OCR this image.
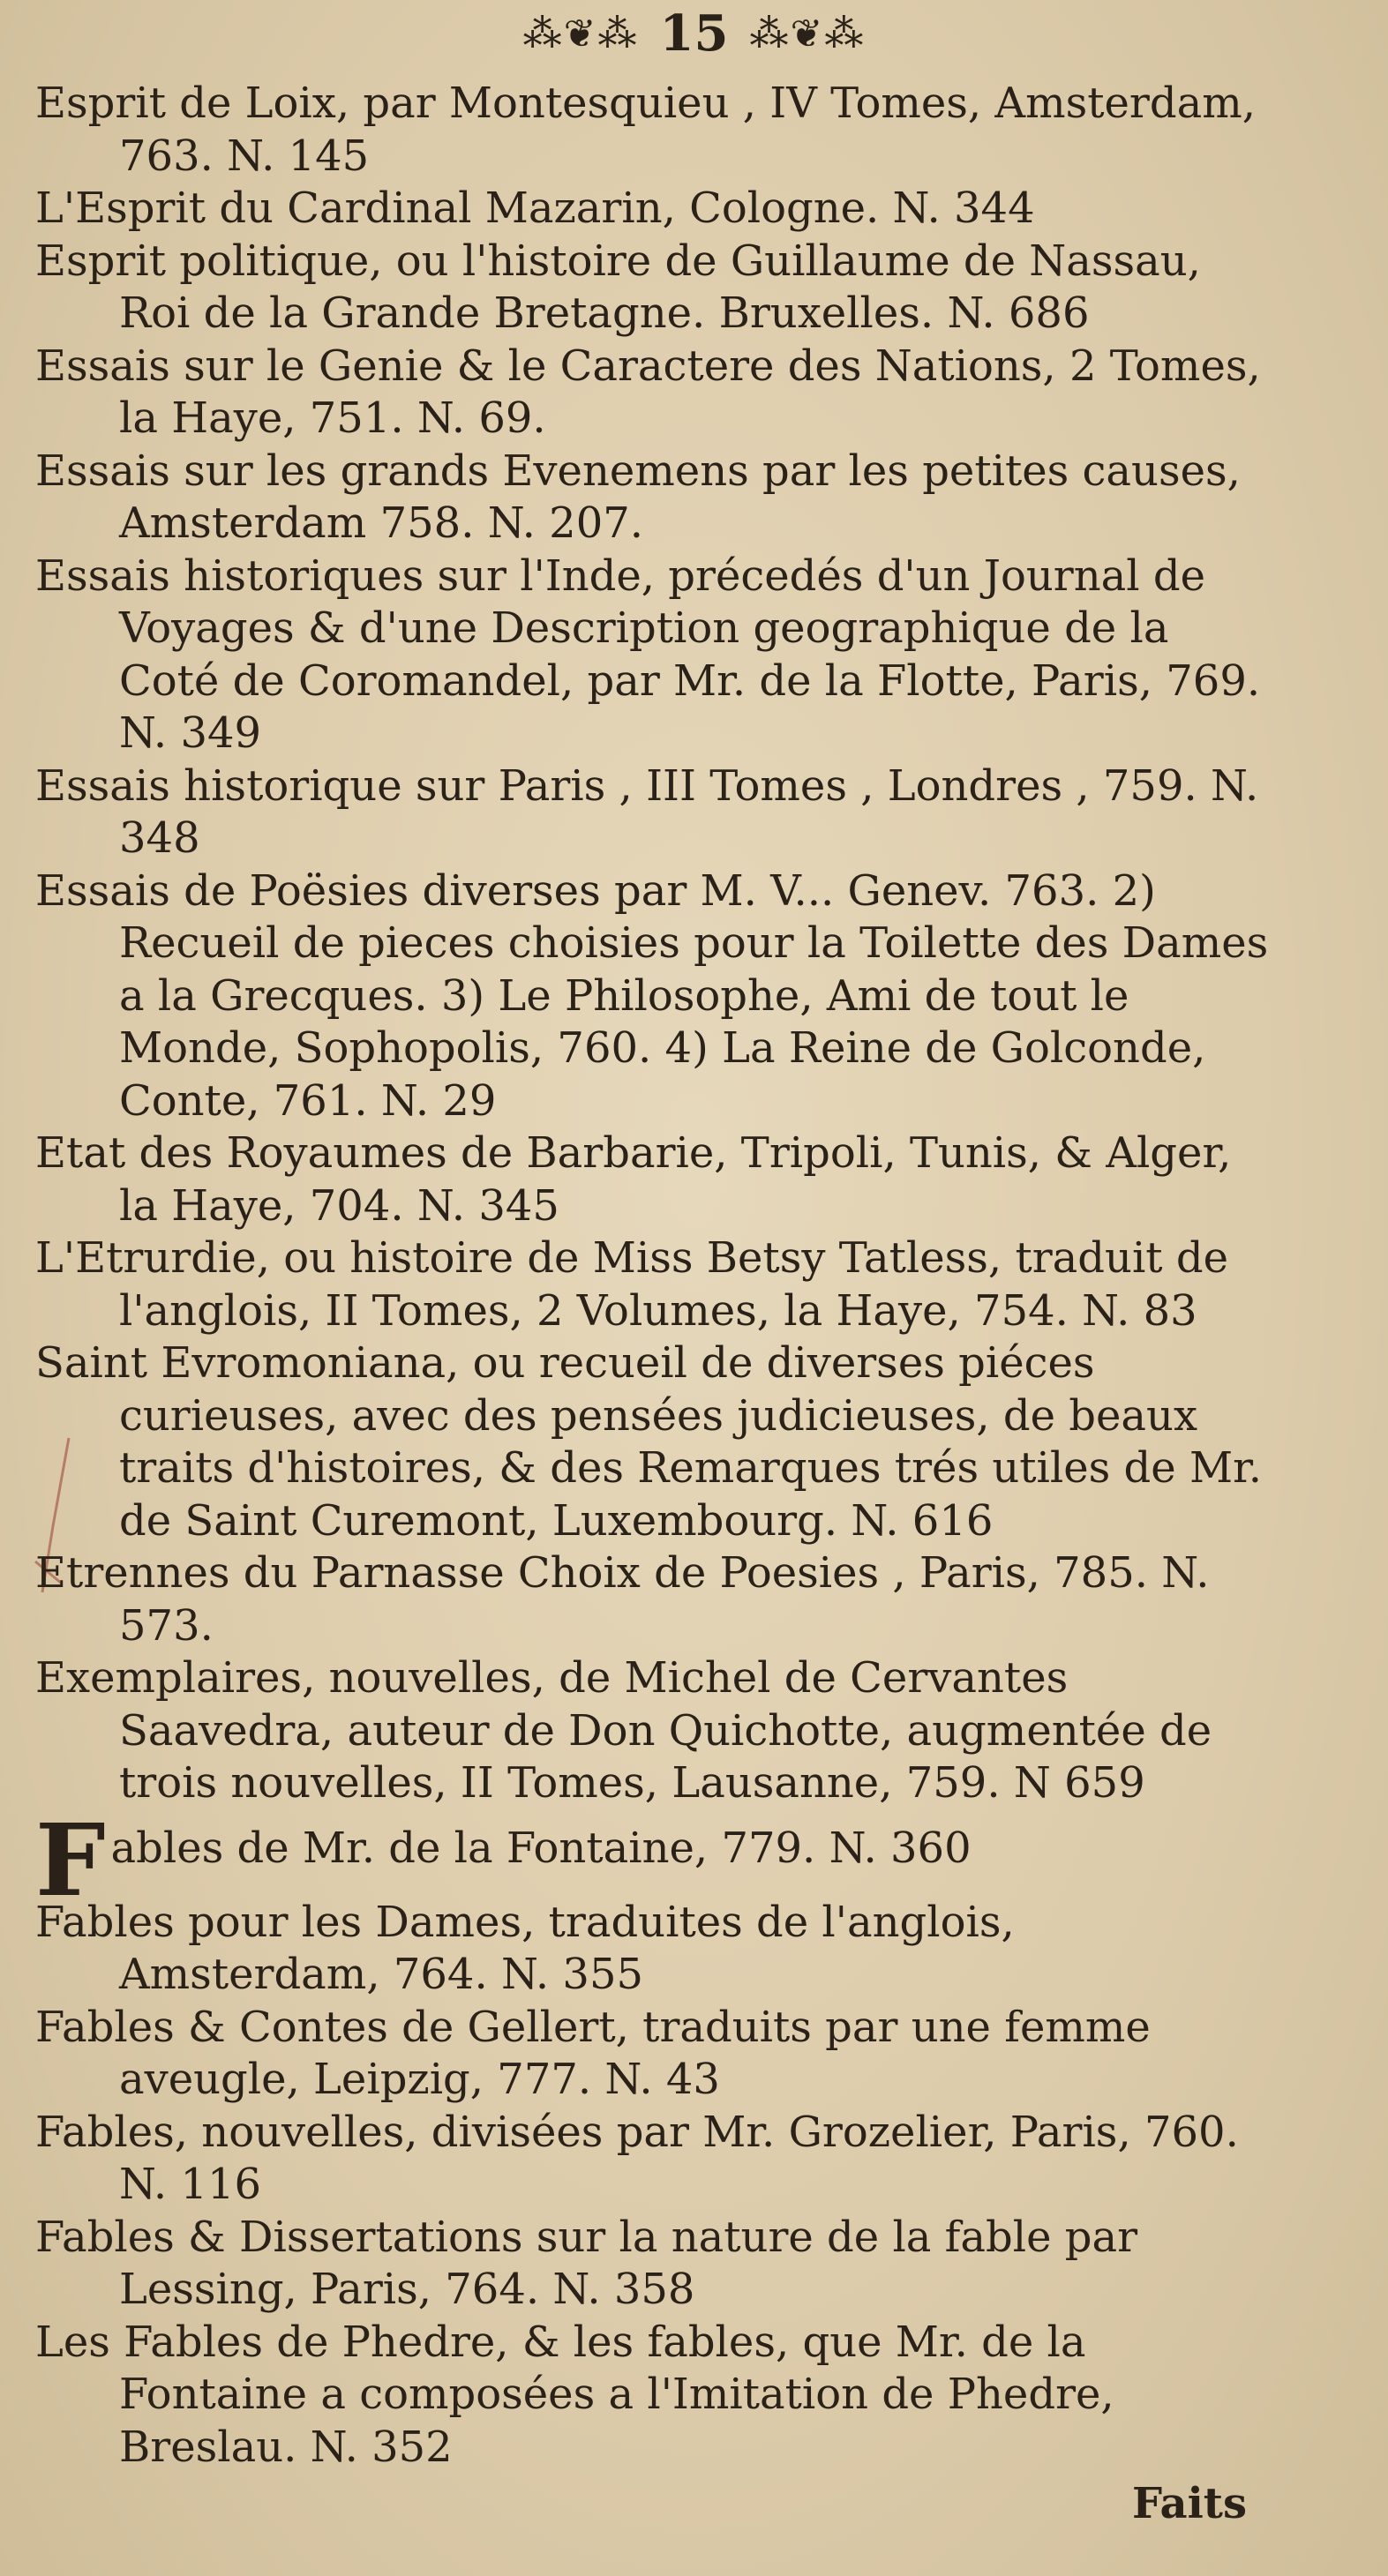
⁂❦⁂ 15 ⁂❦⁂

Esprit de Loix, par Montesquieu , IV Tomes, Amsterdam, 763. N. 145

L'Esprit du Cardinal Mazarin, Cologne. N. 344

Esprit politique, ou l'histoire de Guillaume de Nassau, Roi de la Grande Bretagne. Bruxelles. N. 686

Essais sur le Genie & le Caractere des Nations, 2 Tomes, la Haye, 751. N. 69.

Essais sur les grands Evenemens par les petites causes, Amsterdam 758. N. 207.

Essais historiques sur l'Inde, précedés d'un Journal de Voyages & d'une Description geographique de la Coté de Coromandel, par Mr. de la Flotte, Paris, 769. N. 349

Essais historique sur Paris , III Tomes , Londres , 759. N. 348

Essais de Poësies diverses par M. V... Genev. 763. 2) Recueil de pieces choisies pour la Toilette des Dames a la Grecques. 3) Le Philosophe, Ami de tout le Monde, Sophopolis, 760. 4) La Reine de Golconde, Conte, 761. N. 29

Etat des Royaumes de Barbarie, Tripoli, Tunis, & Alger, la Haye, 704. N. 345

L'Etrurdie, ou histoire de Miss Betsy Tatless, traduit de l'anglois, II Tomes, 2 Volumes, la Haye, 754. N. 83

Saint Evromoniana, ou recueil de diverses piéces curieuses, avec des pensées judicieuses, de beaux traits d'histoires, & des Remarques trés utiles de Mr. de Saint Curemont, Luxembourg. N. 616

Etrennes du Parnasse Choix de Poesies , Paris, 785. N. 573.

Exemplaires, nouvelles, de Michel de Cervantes Saavedra, auteur de Don Quichotte, augmentée de trois nouvelles, II Tomes, Lausanne, 759. N 659

Fables de Mr. de la Fontaine, 779. N. 360

Fables pour les Dames, traduites de l'anglois, Amsterdam, 764. N. 355

Fables & Contes de Gellert, traduits par une femme aveugle, Leipzig, 777. N. 43

Fables, nouvelles, divisées par Mr. Grozelier, Paris, 760. N. 116

Fables & Dissertations sur la nature de la fable par Lessing, Paris, 764. N. 358

Les Fables de Phedre, & les fables, que Mr. de la Fontaine a composées a l'Imitation de Phedre, Breslau. N. 352

Faits
